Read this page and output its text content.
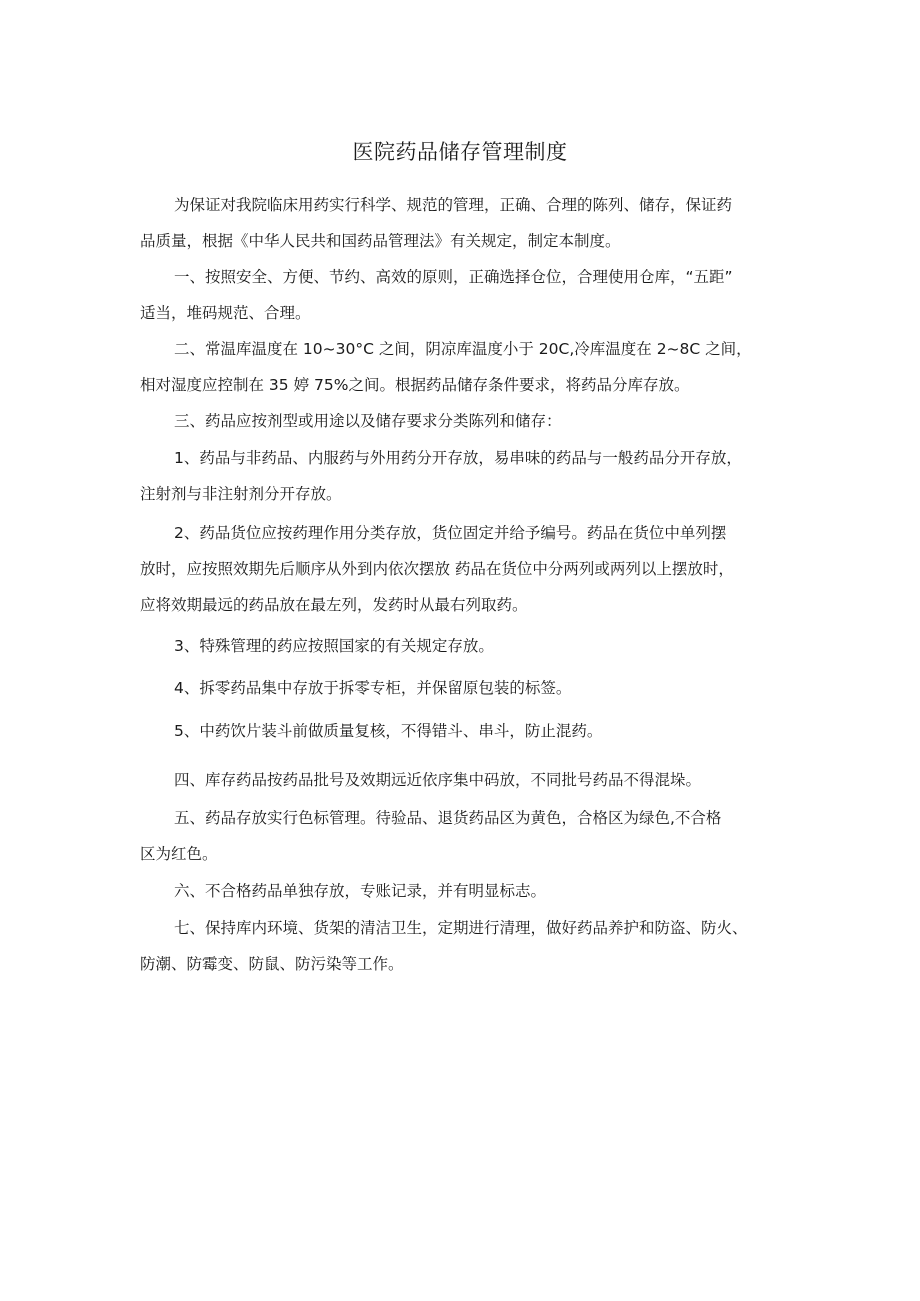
医院药品储存管理制度

为保证对我院临床用药实行科学、规范的管理，正确、合理的陈列、储存，保证药
品质量，根据《中华人民共和国药品管理法》有关规定，制定本制度。

一、按照安全、方便、节约、高效的原则，正确选择仓位，合理使用仓库，“五距”
适当，堆码规范、合理。

二、常温库温度在 10~30°C 之间，阴凉库温度小于 20C,冷库温度在 2~8C 之间，
相对湿度应控制在 35 婷 75%之间。根据药品储存条件要求，将药品分库存放。

三、药品应按剂型或用途以及储存要求分类陈列和储存：

1、药品与非药品、内服药与外用药分开存放，易串味的药品与一般药品分开存放，
注射剂与非注射剂分开存放。

2、药品货位应按药理作用分类存放，货位固定并给予编号。药品在货位中单列摆
放时，应按照效期先后顺序从外到内依次摆放 药品在货位中分两列或两列以上摆放时，
应将效期最远的药品放在最左列，发药时从最右列取药。

3、特殊管理的药应按照国家的有关规定存放。

4、拆零药品集中存放于拆零专柜，并保留原包装的标签。

5、中药饮片装斗前做质量复核，不得错斗、串斗，防止混药。

四、库存药品按药品批号及效期远近依序集中码放，不同批号药品不得混垛。

五、药品存放实行色标管理。待验品、退货药品区为黄色，合格区为绿色,不合格
区为红色。

六、不合格药品单独存放，专账记录，并有明显标志。

七、保持库内环境、货架的清洁卫生，定期进行清理，做好药品养护和防盗、防火、
防潮、防霉变、防鼠、防污染等工作。
